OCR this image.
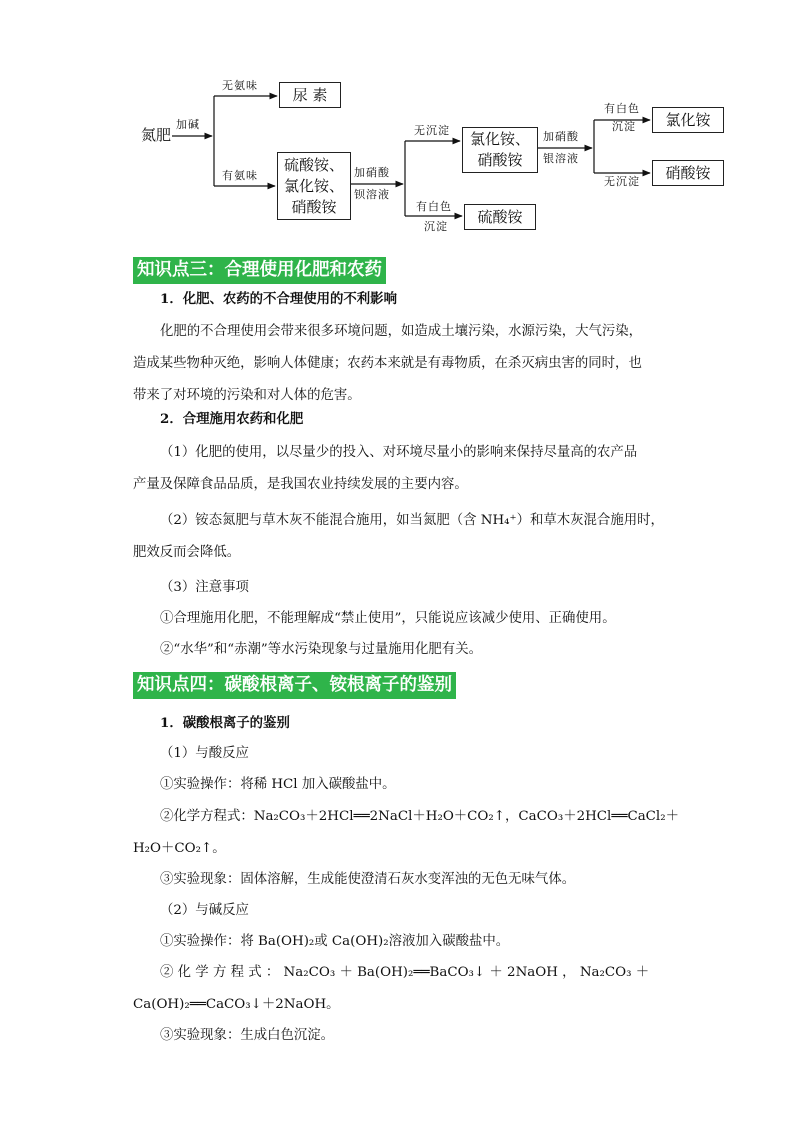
氮肥
加碱
无氨味	尿 素
有氨味
硫酸铵、
氯化铵、
硝酸铵
加硝酸
钡溶液
无沉淀 氯化铵、
硝酸铵
有白色
沉淀
硫酸铵
加硝酸
银溶液
有白色
沉淀	氯化铵
无沉淀	硝酸铵
知识点三：合理使用化肥和农药
1．化肥、农药的不合理使用的不利影响
化肥的不合理使用会带来很多环境问题，如造成土壤污染，水源污染，大气污染，
造成某些物种灭绝，影响人体健康；农药本来就是有毒物质，在杀灭病虫害的同时，也
带来了对环境的污染和对人体的危害。
2．合理施用农药和化肥
（1）化肥的使用，以尽量少的投入、对环境尽量小的影响来保持尽量高的农产品
产量及保障食品品质，是我国农业持续发展的主要内容。
（2）铵态氮肥与草木灰不能混合施用，如当氮肥（含 NH₄⁺）和草木灰混合施用时，
肥效反而会降低。
（3）注意事项
①合理施用化肥，不能理解成“禁止使用”，只能说应该减少使用、正确使用。
②“水华”和“赤潮”等水污染现象与过量施用化肥有关。
知识点四：碳酸根离子、铵根离子的鉴别
1．碳酸根离子的鉴别
（1）与酸反应
①实验操作：将稀 HCl 加入碳酸盐中。
②化学方程式：Na₂CO₃＋2HCl══2NaCl＋H₂O＋CO₂↑，CaCO₃＋2HCl══CaCl₂＋
H₂O＋CO₂↑。
③实验现象：固体溶解，生成能使澄清石灰水变浑浊的无色无味气体。
（2）与碱反应
①实验操作：将 Ba(OH)₂或 Ca(OH)₂溶液加入碳酸盐中。
② 化 学 方 程 式 ： Na₂CO₃ ＋ Ba(OH)₂══BaCO₃↓ ＋ 2NaOH ， Na₂CO₃ ＋
Ca(OH)₂══CaCO₃↓＋2NaOH。
③实验现象：生成白色沉淀。
